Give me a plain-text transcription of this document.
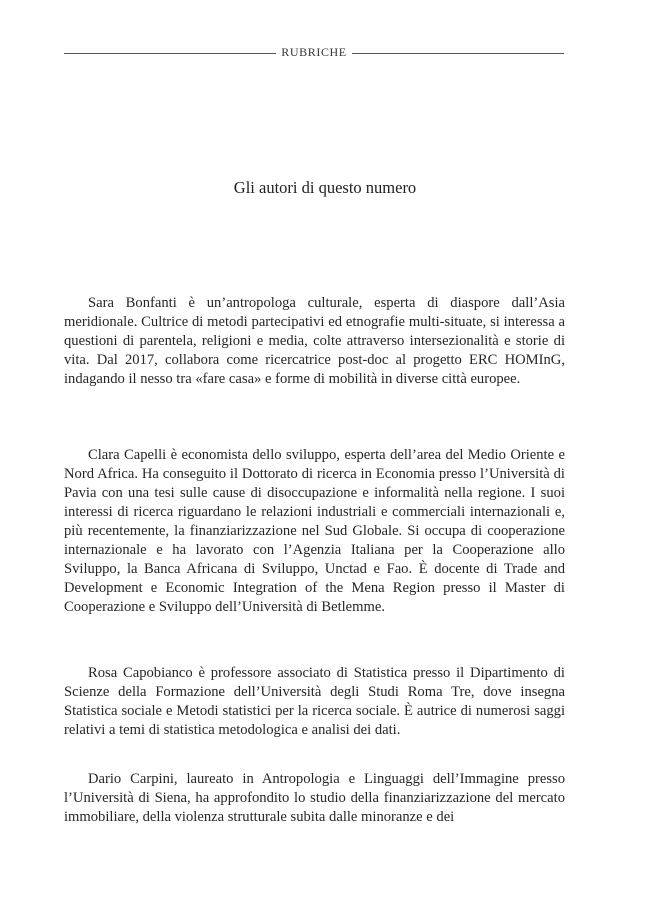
RUBRICHE
Gli autori di questo numero

Sara Bonfanti è un’antropologa culturale, esperta di diaspore dall’Asia meridionale. Cultrice di metodi partecipativi ed etnografie multi-situate, si interessa a questioni di parentela, religioni e media, colte attraverso intersezionalità e storie di vita. Dal 2017, collabora come ricercatrice post-doc al progetto ERC HOMInG, indagando il nesso tra «fare casa» e forme di mobilità in diverse città europee.

Clara Capelli è economista dello sviluppo, esperta dell’area del Medio Oriente e Nord Africa. Ha conseguito il Dottorato di ricerca in Economia presso l’Università di Pavia con una tesi sulle cause di disoccupazione e informalità nella regione. I suoi interessi di ricerca riguardano le relazioni industriali e commerciali internazionali e, più recentemente, la finanziarizzazione nel Sud Globale. Si occupa di cooperazione internazionale e ha lavorato con l’Agenzia Italiana per la Cooperazione allo Sviluppo, la Banca Africana di Sviluppo, Unctad e Fao. È docente di Trade and Development e Economic Integration of the Mena Region presso il Master di Cooperazione e Sviluppo dell’Università di Betlemme.

Rosa Capobianco è professore associato di Statistica presso il Dipartimento di Scienze della Formazione dell’Università degli Studi Roma Tre, dove insegna Statistica sociale e Metodi statistici per la ricerca sociale. È autrice di numerosi saggi relativi a temi di statistica metodologica e analisi dei dati.

Dario Carpini, laureato in Antropologia e Linguaggi dell’Immagine presso l’Università di Siena, ha approfondito lo studio della finanziarizzazione del mercato immobiliare, della violenza strutturale subita dalle minoranze e dei
